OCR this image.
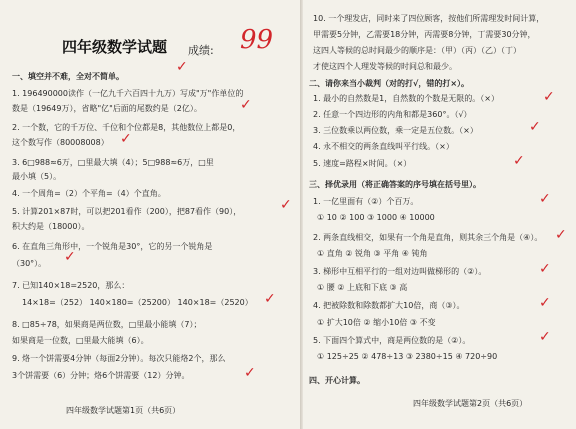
四年级数学试题 成绩: 99
一、填空并不难，全对不简单。
1. 196490000读作（一亿九千六百四十九万）写成"万"作单位的
数是（19649万），省略"亿"后面的尾数约是（2亿）。
2. 一个数，它的千万位、千位和个位都是8，其他数位上都是0，
这个数写作（80008008）
3. 6□988≈6万，□里最大填（4）；5□988≈6万，□里
最小填（5）。
4. 一个周角=（2）个平角=（4）个直角。
5. 计算201×87时，可以把201看作（200），把87看作（90），
积大约是（18000）。
6. 在直角三角形中，一个锐角是30°，它的另一个锐角是
（30°）。
7. 已知140×18=2520，那么：
14×18=（252） 140×180=（25200） 140×18=（2520）
8. □85÷78，如果商是两位数，□里最小能填（7）；
如果商是一位数，□里最大能填（6）。
9. 烙一个饼需要4分钟（每面2分钟）。每次只能烙2个，那么
3个饼需要（6）分钟；烙6个饼需要（12）分钟。
✓
✓
✓
✓
✓
✓
✓
四年级数学试题第1页（共6页）
10. 一个理发店，同时来了四位顾客，按他们所需理发时间计算，
甲需要5分钟，乙需要18分钟，丙需要8分钟，丁需要30分钟，
这四人等候的总时间最少的顺序是：（甲）（丙）（乙）（丁）
才使这四个人理发等候的时间总和最少。
二、请你来当小裁判（对的打√，错的打×）。
1. 最小的自然数是1，自然数的个数是无限的。（×）
2. 任意一个四边形的内角和都是360°。（√）
3. 三位数乘以两位数，乘一定是五位数。（×）
4. 永不相交的两条直线叫平行线。（×）
5. 速度=路程×时间。（×）
三、择优录用（将正确答案的序号填在括号里）。
1. 一亿里面有（②）个百万。
① 10 ② 100 ③ 1000 ④ 10000
2. 两条直线相交，如果有一个角是直角，则其余三个角是（④）。
① 直角 ② 锐角 ③ 平角 ④ 钝角
3. 梯形中互相平行的一组对边叫做梯形的（②）。
① 腰 ② 上底和下底 ③ 高
4. 把被除数和除数都扩大10倍，商（③）。
① 扩大10倍 ② 缩小10倍 ③ 不变
5. 下面四个算式中，商是两位数的是（②）。
① 125÷25 ② 478÷13 ③ 2380÷15 ④ 720÷90
四、开心计算。
✓
✓
✓
✓
✓
✓
✓
✓
四年级数学试题第2页（共6页）
